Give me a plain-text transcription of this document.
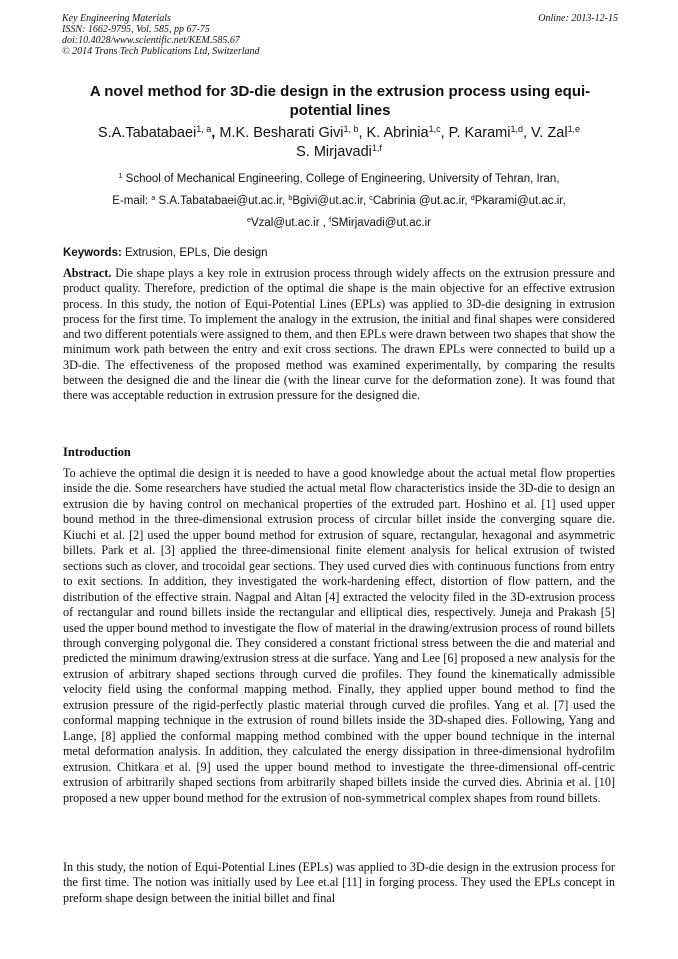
Key Engineering Materials
ISSN: 1662-9795, Vol. 585, pp 67-75
doi:10.4028/www.scientific.net/KEM.585.67
© 2014 Trans Tech Publications Ltd, Switzerland
Online: 2013-12-15
A novel method for 3D-die design in the extrusion process using equi-potential lines
S.A.Tabatabaei$^{1, a}$, M.K. Besharati Givi$^{1, b}$, K. Abrinia$^{1,c}$, P. Karami$^{1,d}$, V. Zal$^{1,e}$
S. Mirjavadi$^{1,f}$
$^1$ School of Mechanical Engineering, College of Engineering, University of Tehran, Iran,
E-mail: $^a$ S.A.Tabatabaei@ut.ac.ir, $^b$Bgivi@ut.ac.ir, $^c$Cabrinia @ut.ac.ir, $^d$Pkarami@ut.ac.ir,
$^e$Vzal@ut.ac.ir , $^f$SMirjavadi@ut.ac.ir
Keywords: Extrusion, EPLs, Die design

Abstract. Die shape plays a key role in extrusion process through widely affects on the extrusion pressure and product quality. Therefore, prediction of the optimal die shape is the main objective for an effective extrusion process. In this study, the notion of Equi-Potential Lines (EPLs) was applied to 3D-die designing in extrusion process for the first time. To implement the analogy in the extrusion, the initial and final shapes were considered and two different potentials were assigned to them, and then EPLs were drawn between two shapes that show the minimum work path between the entry and exit cross sections. The drawn EPLs were connected to build up a 3D-die. The effectiveness of the proposed method was examined experimentally, by comparing the results between the designed die and the linear die (with the linear curve for the deformation zone). It was found that there was acceptable reduction in extrusion pressure for the designed die.

Introduction

To achieve the optimal die design it is needed to have a good knowledge about the actual metal flow properties inside the die. Some researchers have studied the actual metal flow characteristics inside the 3D-die to design an extrusion die by having control on mechanical properties of the extruded part. Hoshino et al. [1] used upper bound method in the three-dimensional extrusion process of circular billet inside the converging square die. Kiuchi et al. [2] used the upper bound method for extrusion of square, rectangular, hexagonal and asymmetric billets. Park et al. [3] applied the three-dimensional finite element analysis for helical extrusion of twisted sections such as clover, and trocoidal gear sections. They used curved dies with continuous functions from entry to exit sections. In addition, they investigated the work-hardening effect, distortion of flow pattern, and the distribution of the effective strain. Nagpal and Altan [4] extracted the velocity filed in the 3D-extrusion process of rectangular and round billets inside the rectangular and elliptical dies, respectively. Juneja and Prakash [5] used the upper bound method to investigate the flow of material in the drawing/extrusion process of round billets through converging polygonal die. They considered a constant frictional stress between the die and material and predicted the minimum drawing/extrusion stress at die surface. Yang and Lee [6] proposed a new analysis for the extrusion of arbitrary shaped sections through curved die profiles. They found the kinematically admissible velocity field using the conformal mapping method. Finally, they applied upper bound method to find the extrusion pressure of the rigid-perfectly plastic material through curved die profiles. Yang et al. [7] used the conformal mapping technique in the extrusion of round billets inside the 3D-shaped dies. Following, Yang and Lange, [8] applied the conformal mapping method combined with the upper bound technique in the internal metal deformation analysis. In addition, they calculated the energy dissipation in three-dimensional hydrofilm extrusion. Chitkara et al. [9] used the upper bound method to investigate the three-dimensional off-centric extrusion of arbitrarily shaped sections from arbitrarily shaped billets inside the curved dies. Abrinia et al. [10] proposed a new upper bound method for the extrusion of non-symmetrical complex shapes from round billets.

In this study, the notion of Equi-Potential Lines (EPLs) was applied to 3D-die design in the extrusion process for the first time. The notion was initially used by Lee et.al [11] in forging process. They used the EPLs concept in preform shape design between the initial billet and final
